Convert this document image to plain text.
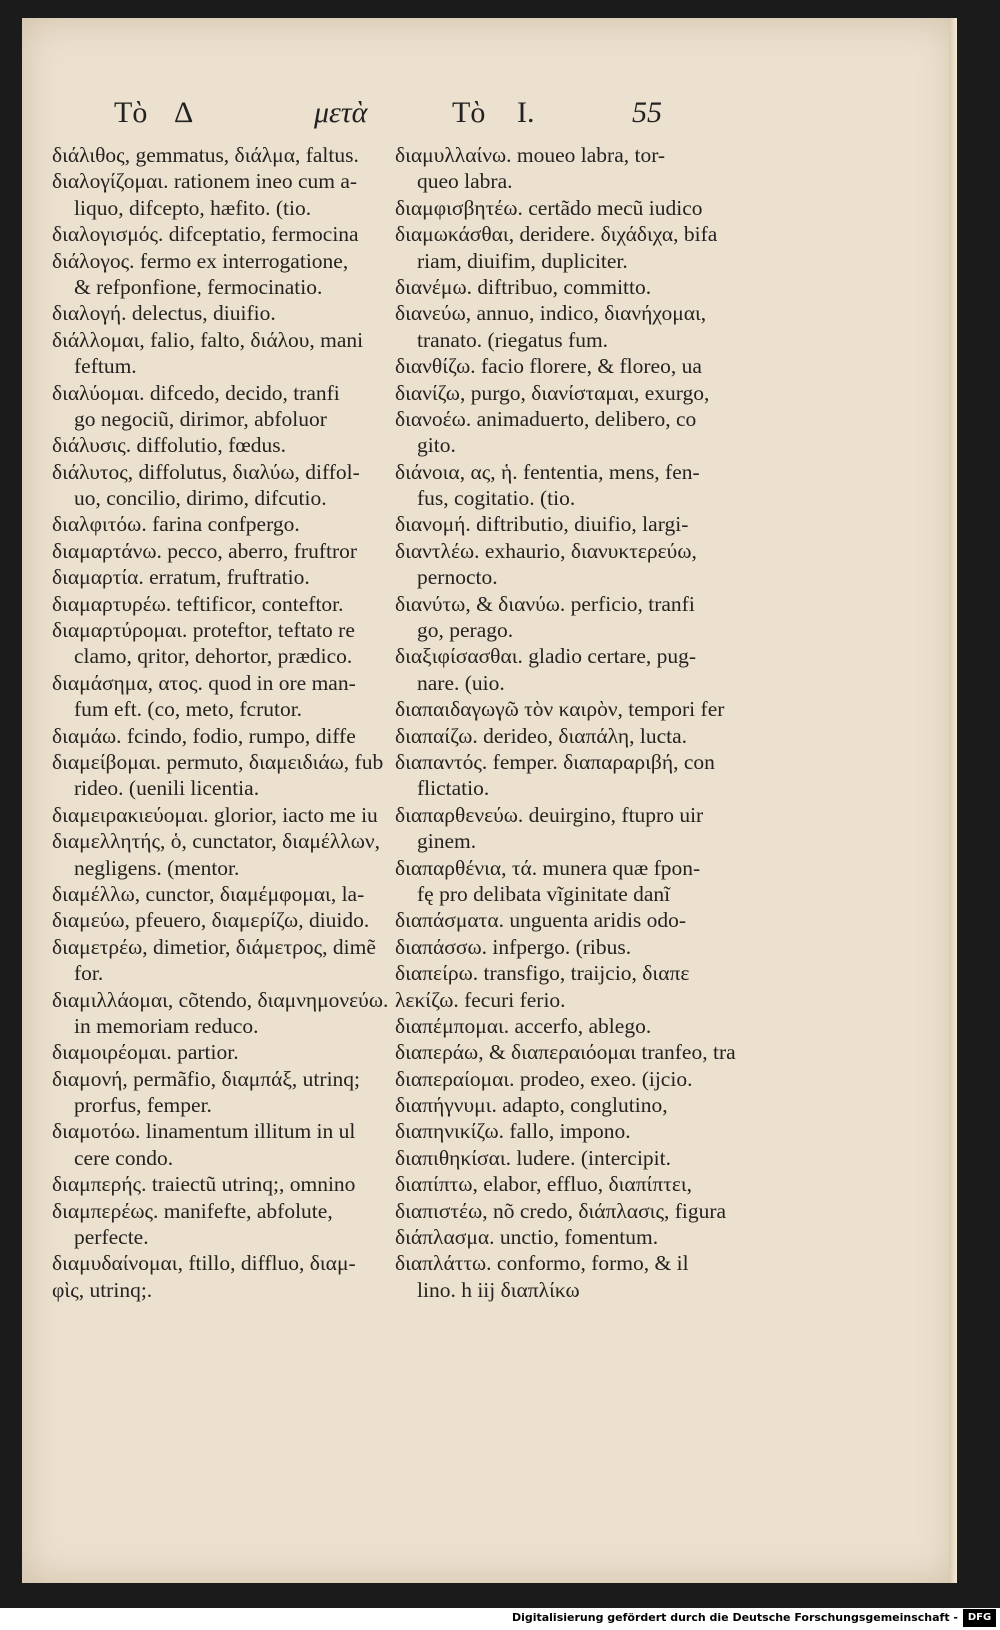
Τὸ Δ	μετὰ	Τὸ Ι.	55
διάλιθος, gemmatus, διάλμα, faltus.
διαλογίζομαι. rationem ineo cum a-
liquo, difcepto, hæfito. (tio.
διαλογισμός. difceptatio, fermocina
διάλογος. fermo ex interrogatione,
& refponfione, fermocinatio.
διαλογή. delectus, diuifio.
διάλλομαι, falio, falto, διάλου, mani
feftum.
διαλύομαι. difcedo, decido, tranfi
go negociũ, dirimor, abfoluor
διάλυσις. diffolutio, fœdus.
διάλυτος, diffolutus, διαλύω, diffol-
uo, concilio, dirimo, difcutio.
διαλφιτόω. farina confpergo.
διαμαρτάνω. pecco, aberro, fruftror
διαμαρτία. erratum, fruftratio.
διαμαρτυρέω. teftificor, conteftor.
διαμαρτύρομαι. proteftor, teftato re
clamo, qritor, dehortor, prædico.
διαμάσημα, ατος. quod in ore man-
fum eft. (co, meto, fcrutor.
διαμάω. fcindo, fodio, rumpo, diffe
διαμείβομαι. permuto, διαμειδιάω, fub
rideo. (uenili licentia.
διαμειρακιεύομαι. glorior, iacto me iu
διαμελλητής, ὁ, cunctator, διαμέλλων,
negligens. (mentor.
διαμέλλω, cunctor, διαμέμφομαι, la-
διαμεύω, pfeuero, διαμερίζω, diuido.
διαμετρέω, dimetior, διάμετρος, dimẽ
for.
διαμιλλάομαι, cõtendo, διαμνημονεύω.
in memoriam reduco.
διαμοιρέομαι. partior.
διαμονή, permãfio, διαμπάξ, utrinq;
prorfus, femper.
διαμοτόω. linamentum illitum in ul
cere condo.
διαμπερής. traiectũ utrinq;, omnino
διαμπερέως. manifefte, abfolute,
perfecte.
διαμυδαίνομαι, ftillo, diffluo, διαμ-
φὶς, utrinq;.
διαμυλλαίνω. moueo labra, tor-
queo labra.
διαμφισβητέω. certãdo mecũ iudico
διαμωκάσθαι, deridere. διχάδιχα, bifa
riam, diuifim, dupliciter.
διανέμω. diftribuo, committo.
διανεύω, annuo, indico, διανήχομαι,
tranato. (riegatus fum.
διανθίζω. facio florere, & floreo, ua
διανίζω, purgo, διανίσταμαι, exurgo,
διανοέω. animaduerto, delibero, co
gito.
διάνοια, ας, ἡ. fententia, mens, fen-
fus, cogitatio. (tio.
διανομή. diftributio, diuifio, largi-
διαντλέω. exhaurio, διανυκτερεύω,
pernocto.
διανύτω, & διανύω. perficio, tranfi
go, perago.
διαξιφίσασθαι. gladio certare, pug-
nare. (uio.
διαπαιδαγωγῶ τὸν καιρὸν, tempori fer
διαπαίζω. derideo, διαπάλη, lucta.
διαπαντός. femper. διαπαραριβή, con
flictatio.
διαπαρθενεύω. deuirgino, ftupro uir
ginem.
διαπαρθένια, τά. munera quæ fpon-
fę pro delibata vĩginitate danĩ
διαπάσματα. unguenta aridis odo-
διαπάσσω. infpergo. (ribus.
διαπείρω. transfigo, traijcio, διαπε
λεκίζω. fecuri ferio.
διαπέμπομαι. accerfo, ablego.
διαπεράω, & διαπεραιόομαι tranfeo, tra
διαπεραίομαι. prodeo, exeo. (ijcio.
διαπήγνυμι. adapto, conglutino,
διαπηνικίζω. fallo, impono.
διαπιθηκίσαι. ludere. (intercipit.
διαπίπτω, elabor, effluo, διαπίπτει,
διαπιστέω, nõ credo, διάπλασις, figura
διάπλασμα. unctio, fomentum.
διαπλάττω. conformo, formo, & il
lino. h iij διαπλίκω
Digitalisierung gefördert durch die Deutsche Forschungsgemeinschaft - DFG
